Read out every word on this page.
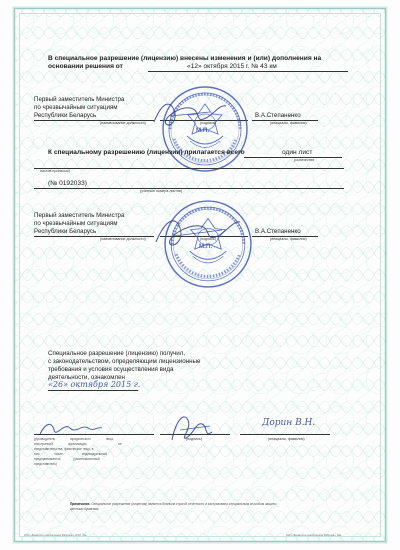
В специальное разрешение (лицензию) внесены изменения и (или) дополнения на
основании решения от	«12» октября 2015 г. № 43 км
Первый заместитель Министра
по чрезвычайным ситуациям
Республики Беларусь
(наименование должности)	(подпись)
В.А.Степаненко
(инициалы, фамилия)
М.П.
К специальному разрешению (лицензии) прилагается всего	один лист
(количество
листов прописью)
(№ 0192033)
(учетные номера листов)
Первый заместитель Министра
по чрезвычайным ситуациям
Республики Беларусь
(наименование должности)	(подпись)
В.А.Степаненко
(инициалы, фамилия)
М.П.
Специальное разрешение (лицензию) получил,
с законодательством, определяющим лицензионные
требования и условия осуществления вида
деятельности, ознакомлен
«26» октября 2015 г.
(руководитель	юридического	лица,
иностранной	организации,	ее
представительства, физическое лицо, в
том	числе	индивидуальный
предприниматель	(уполномоченный
представитель)
(подпись)
Дорин В.Н.
(инициалы, фамилия)
Примечание. Специальное разрешение (лицензия) является бланком строгой отчетности и застрахована специальным способом защиты
ценными бумагами.
ОАО «Банкнотно-эмиссионная Фабрика», 2016, Зак.	ОАО «Банкнотно-эмиссионная Фабрика», Зак.
